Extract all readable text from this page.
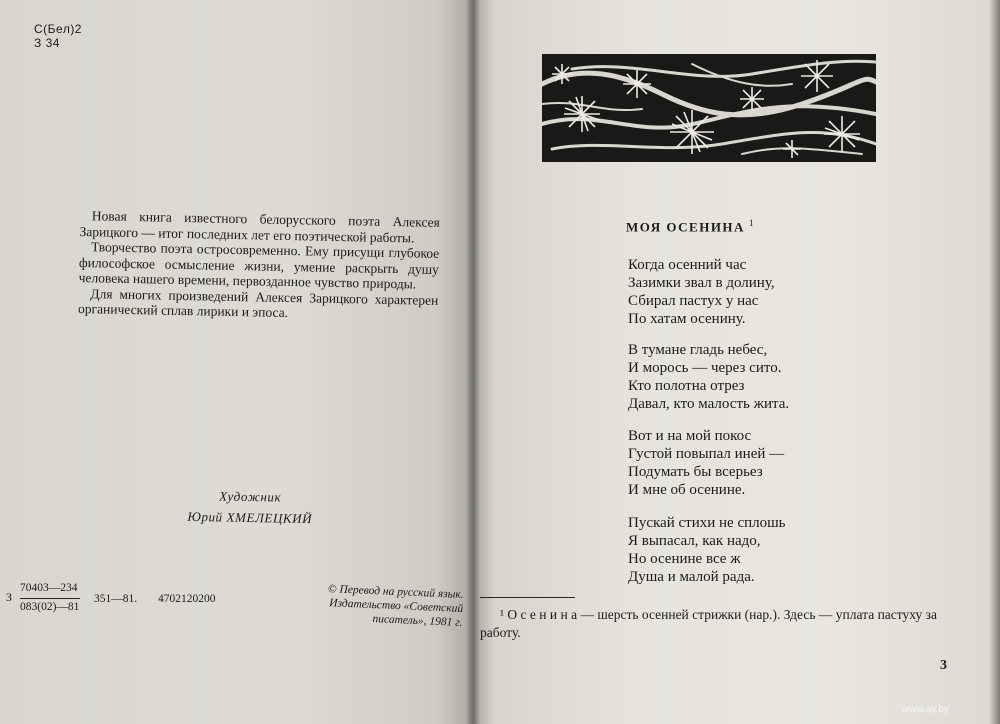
С(Бел)2
З 34

Новая книга известного белорусского поэта Алексея Зарицкого — итог последних лет его поэтической работы.

Творчество поэта остросовременно. Ему присущи глубокое философское осмысление жизни, умение раскрыть душу человека нашего времени, первозданное чувство природы.

Для многих произведений Алексея Зарицкого характерен органический сплав лирики и эпоса.

Художник
Юрий ХМЕЛЕЦКИЙ
З
70403—234
083(02)—81
351—81. 4702120200	© Перевод на русский язык.
Издательство «Советский
писатель», 1981 г.
МОЯ ОСЕНИНА $^1$
Когда осенний час
Зазимки звал в долину,
Сбирал пастух у нас
По хатам осенину.
В тумане гладь небес,
И морось — через сито.
Кто полотна отрез
Давал, кто малость жита.
Вот и на мой покос
Густой повыпал иней —
Подумать бы всерьез
И мне об осенине.
Пускай стихи не сплошь
Я выпасал, как надо,
Но осенине все ж
Душа и малой рада.
¹ О с е н и н а — шерсть осенней стрижки (нар.). Здесь — уплата пастуху за работу.
3
www.ay.by
